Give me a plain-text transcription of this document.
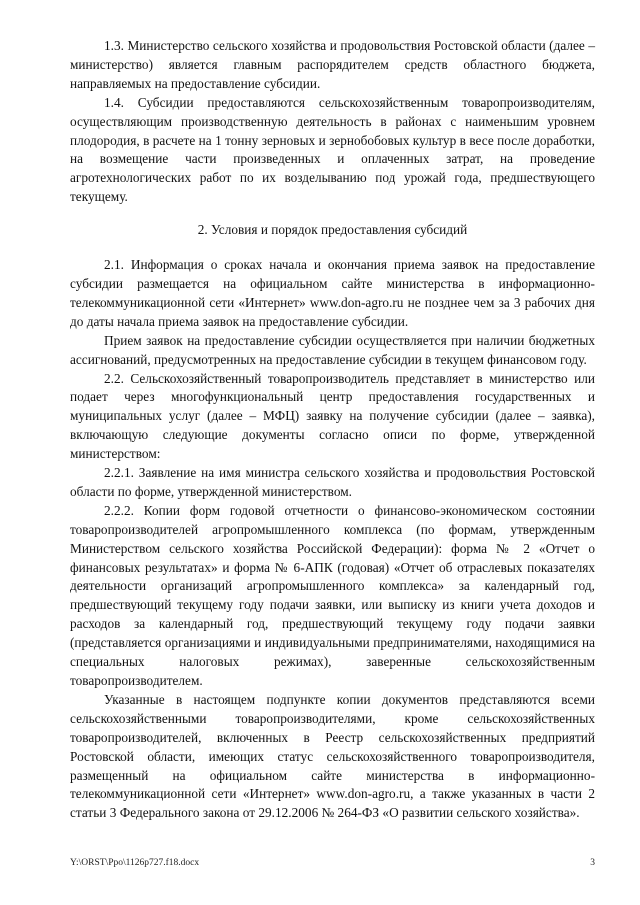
1.3. Министерство сельского хозяйства и продовольствия Ростовской области (далее – министерство) является главным распорядителем средств областного бюджета, направляемых на предоставление субсидии.

1.4. Субсидии предоставляются сельскохозяйственным товаропроизводителям, осуществляющим производственную деятельность в районах с наименьшим уровнем плодородия, в расчете на 1 тонну зерновых и зернобобовых культур в весе после доработки, на возмещение части произведенных и оплаченных затрат, на проведение агротехнологических работ по их возделыванию под урожай года, предшествующего текущему.

2. Условия и порядок предоставления субсидий

2.1. Информация о сроках начала и окончания приема заявок на предоставление субсидии размещается на официальном сайте министерства в информационно-телекоммуникационной сети «Интернет» www.don-agro.ru не позднее чем за 3 рабочих дня до даты начала приема заявок на предоставление субсидии.

Прием заявок на предоставление субсидии осуществляется при наличии бюджетных ассигнований, предусмотренных на предоставление субсидии в текущем финансовом году.

2.2. Сельскохозяйственный товаропроизводитель представляет в министерство или подает через многофункциональный центр предоставления государственных и муниципальных услуг (далее – МФЦ) заявку на получение субсидии (далее – заявка), включающую следующие документы согласно описи по форме, утвержденной министерством:

2.2.1. Заявление на имя министра сельского хозяйства и продовольствия Ростовской области по форме, утвержденной министерством.

2.2.2. Копии форм годовой отчетности о финансово-экономическом состоянии товаропроизводителей агропромышленного комплекса (по формам, утвержденным Министерством сельского хозяйства Российской Федерации): форма № 2 «Отчет о финансовых результатах» и форма № 6-АПК (годовая) «Отчет об отраслевых показателях деятельности организаций агропромышленного комплекса» за календарный год, предшествующий текущему году подачи заявки, или выписку из книги учета доходов и расходов за календарный год, предшествующий текущему году подачи заявки (представляется организациями и индивидуальными предпринимателями, находящимися на специальных налоговых режимах), заверенные сельскохозяйственным товаропроизводителем.

Указанные в настоящем подпункте копии документов представляются всеми сельскохозяйственными товаропроизводителями, кроме сельскохозяйственных товаропроизводителей, включенных в Реестр сельскохозяйственных предприятий Ростовской области, имеющих статус сельскохозяйственного товаропроизводителя, размещенный на официальном сайте министерства в информационно-телекоммуникационной сети «Интернет» www.don-agro.ru, а также указанных в части 2 статьи 3 Федерального закона от 29.12.2006 № 264-ФЗ «О развитии сельского хозяйства».

Y:\ORST\Ppo\1126p727.f18.docx	3
